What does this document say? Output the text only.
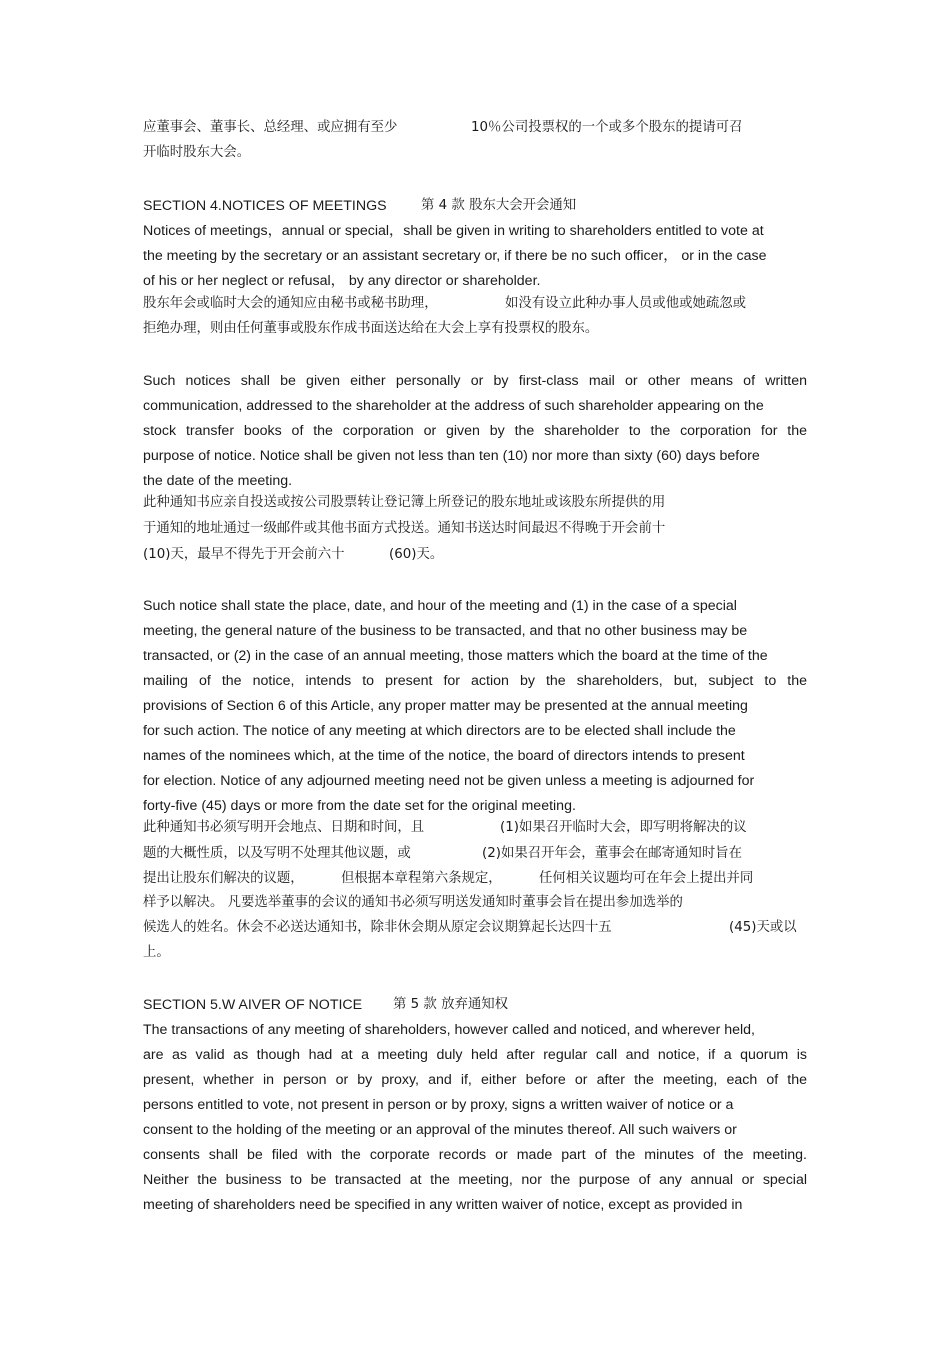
应董事会、董事长、总经理、或应拥有至少	10％公司投票权的一个或多个股东的提请可召
开临时股东大会。
SECTION 4.NOTICES OF MEETINGS	第 4 款 股东大会开会通知
Notices of meetings，annual or special，shall be given in writing to shareholders entitled to vote at
the meeting by the secretary or an assistant secretary or, if there be no such officer， or in the case
of his or her neglect or refusal， by any director or shareholder.
股东年会或临时大会的通知应由秘书或秘书助理，	如没有设立此种办事人员或他或她疏忽或
拒绝办理，则由任何董事或股东作成书面送达给在大会上享有投票权的股东。
Such notices shall be given either personally or by first-class mail or other means of written
communication, addressed to the shareholder at the address of such shareholder appearing on the
stock transfer books of the corporation or given by the shareholder to the corporation for the
purpose of notice. Notice shall be given not less than ten (10) nor more than sixty (60) days before
the date of the meeting.
此种通知书应亲自投送或按公司股票转让登记簿上所登记的股东地址或该股东所提供的用
于通知的地址通过一级邮件或其他书面方式投送。通知书送达时间最迟不得晚于开会前十
(10)天，最早不得先于开会前六十	(60)天。
Such notice shall state the place, date, and hour of the meeting and (1) in the case of a special
meeting, the general nature of the business to be transacted, and that no other business may be
transacted, or (2) in the case of an annual meeting, those matters which the board at the time of the
mailing of the notice, intends to present for action by the shareholders, but, subject to the
provisions of Section 6 of this Article, any proper matter may be presented at the annual meeting
for such action. The notice of any meeting at which directors are to be elected shall include the
names of the nominees which, at the time of the notice, the board of directors intends to present
for election. Notice of any adjourned meeting need not be given unless a meeting is adjourned for
forty-five (45) days or more from the date set for the original meeting.
此种通知书必须写明开会地点、日期和时间，且	(1)如果召开临时大会，即写明将解决的议
题的大概性质，以及写明不处理其他议题，或	(2)如果召开年会，董事会在邮寄通知时旨在
提出让股东们解决的议题，	但根据本章程第六条规定，	任何相关议题均可在年会上提出并同
样予以解决。 凡要选举董事的会议的通知书必须写明送发通知时董事会旨在提出参加选举的
候选人的姓名。休会不必送达通知书，除非休会期从原定会议期算起长达四十五	(45)天或以
上。
SECTION 5.W AIVER OF NOTICE 第 5 款 放弃通知权
The transactions of any meeting of shareholders, however called and noticed, and wherever held,
are as valid as though had at a meeting duly held after regular call and notice, if a quorum is
present, whether in person or by proxy, and if, either before or after the meeting, each of the
persons entitled to vote, not present in person or by proxy, signs a written waiver of notice or a
consent to the holding of the meeting or an approval of the minutes thereof. All such waivers or
consents shall be filed with the corporate records or made part of the minutes of the meeting.
Neither the business to be transacted at the meeting, nor the purpose of any annual or special
meeting of shareholders need be specified in any written waiver of notice, except as provided in
